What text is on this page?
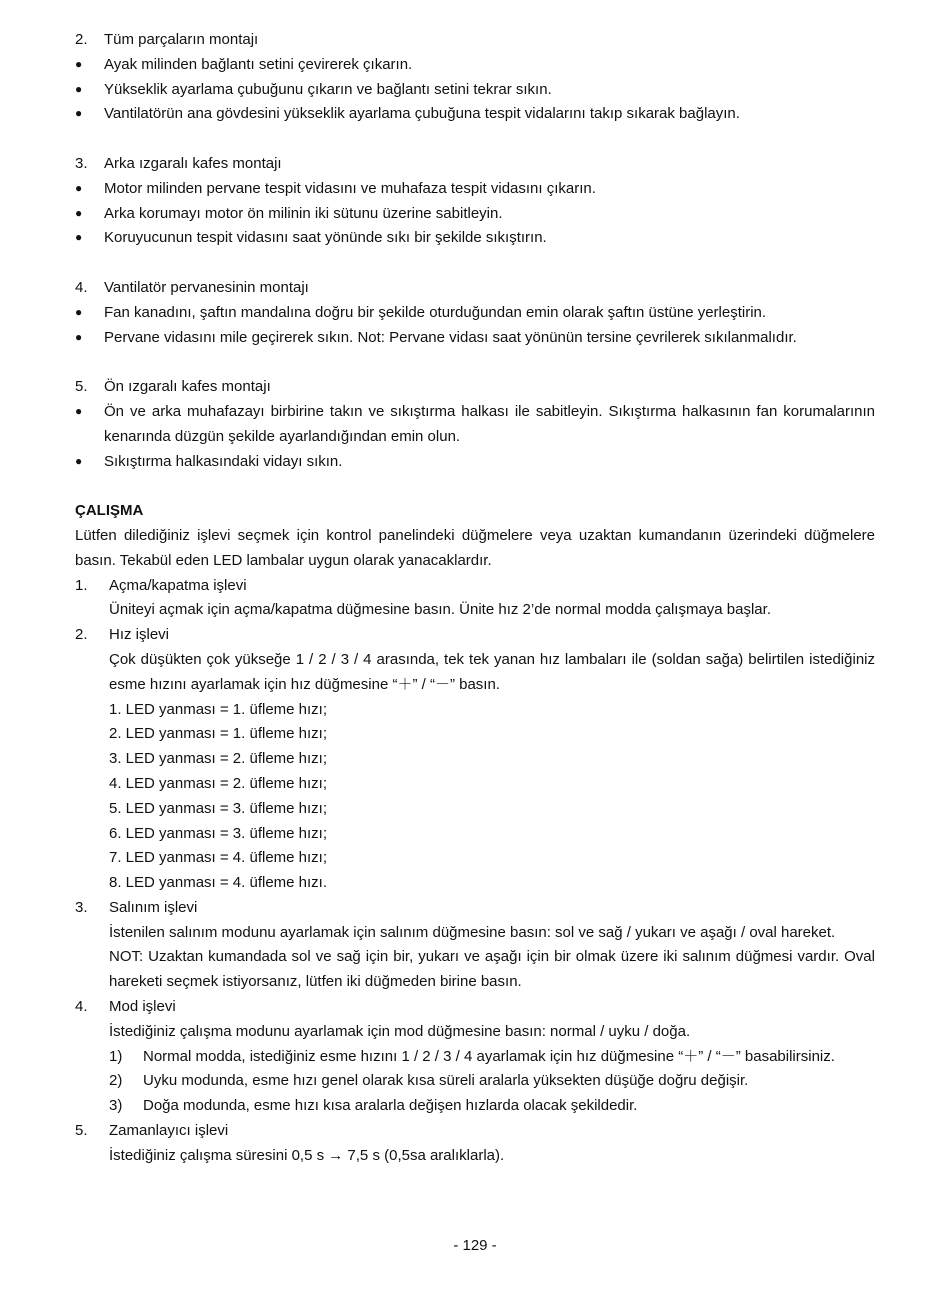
2. Tüm parçaların montajı
●
Ayak milinden bağlantı setini çevirerek çıkarın.
●
Yükseklik ayarlama çubuğunu çıkarın ve bağlantı setini tekrar sıkın.
●
Vantilatörün ana gövdesini yükseklik ayarlama çubuğuna tespit vidalarını takıp sıkarak bağlayın.
3. Arka ızgaralı kafes montajı
●
Motor milinden pervane tespit vidasını ve muhafaza tespit vidasını çıkarın.
●
Arka korumayı motor ön milinin iki sütunu üzerine sabitleyin.
●
Koruyucunun tespit vidasını saat yönünde sıkı bir şekilde sıkıştırın.
4. Vantilatör pervanesinin montajı
●
Fan kanadını, şaftın mandalına doğru bir şekilde oturduğundan emin olarak şaftın üstüne yerleştirin.
●
Pervane vidasını mile geçirerek sıkın. Not: Pervane vidası saat yönünün tersine çevrilerek sıkılanmalıdır.
5. Ön ızgaralı kafes montajı
●
Ön ve arka muhafazayı birbirine takın ve sıkıştırma halkası ile sabitleyin. Sıkıştırma halkasının fan korumalarının kenarında düzgün şekilde ayarlandığından emin olun.
●
Sıkıştırma halkasındaki vidayı sıkın.
ÇALIŞMA
Lütfen dilediğiniz işlevi seçmek için kontrol panelindeki düğmelere veya uzaktan kumandanın üzerindeki düğmelere basın. Tekabül eden LED lambalar uygun olarak yanacaklardır.
1. Açma/kapatma işlevi
Üniteyi açmak için açma/kapatma düğmesine basın. Ünite hız 2’de normal modda çalışmaya başlar.
2. Hız işlevi
Çok düşükten çok yükseğe 1 / 2 / 3 / 4 arasında, tek tek yanan hız lambaları ile (soldan sağa) belirtilen istediğiniz esme hızını ayarlamak için hız düğmesine “＋” / “－” basın.
1. LED yanması = 1. üfleme hızı;
2. LED yanması = 1. üfleme hızı;
3. LED yanması = 2. üfleme hızı;
4. LED yanması = 2. üfleme hızı;
5. LED yanması = 3. üfleme hızı;
6. LED yanması = 3. üfleme hızı;
7. LED yanması = 4. üfleme hızı;
8. LED yanması = 4. üfleme hızı.
3. Salınım işlevi
İstenilen salınım modunu ayarlamak için salınım düğmesine basın: sol ve sağ / yukarı ve aşağı / oval hareket.
NOT: Uzaktan kumandada sol ve sağ için bir, yukarı ve aşağı için bir olmak üzere iki salınım düğmesi vardır. Oval hareketi seçmek istiyorsanız, lütfen iki düğmeden birine basın.
4. Mod işlevi
İstediğiniz çalışma modunu ayarlamak için mod düğmesine basın: normal / uyku / doğa.
1)	Normal modda, istediğiniz esme hızını 1 / 2 / 3 / 4 ayarlamak için hız düğmesine “＋” / “－” basabilirsiniz.
2)	Uyku modunda, esme hızı genel olarak kısa süreli aralarla yüksekten düşüğe doğru değişir.
3)	Doğa modunda, esme hızı kısa aralarla değişen hızlarda olacak şekildedir.
5. Zamanlayıcı işlevi
İstediğiniz çalışma süresini 0,5 s → 7,5 s (0,5sa aralıklarla).
- 129 -
